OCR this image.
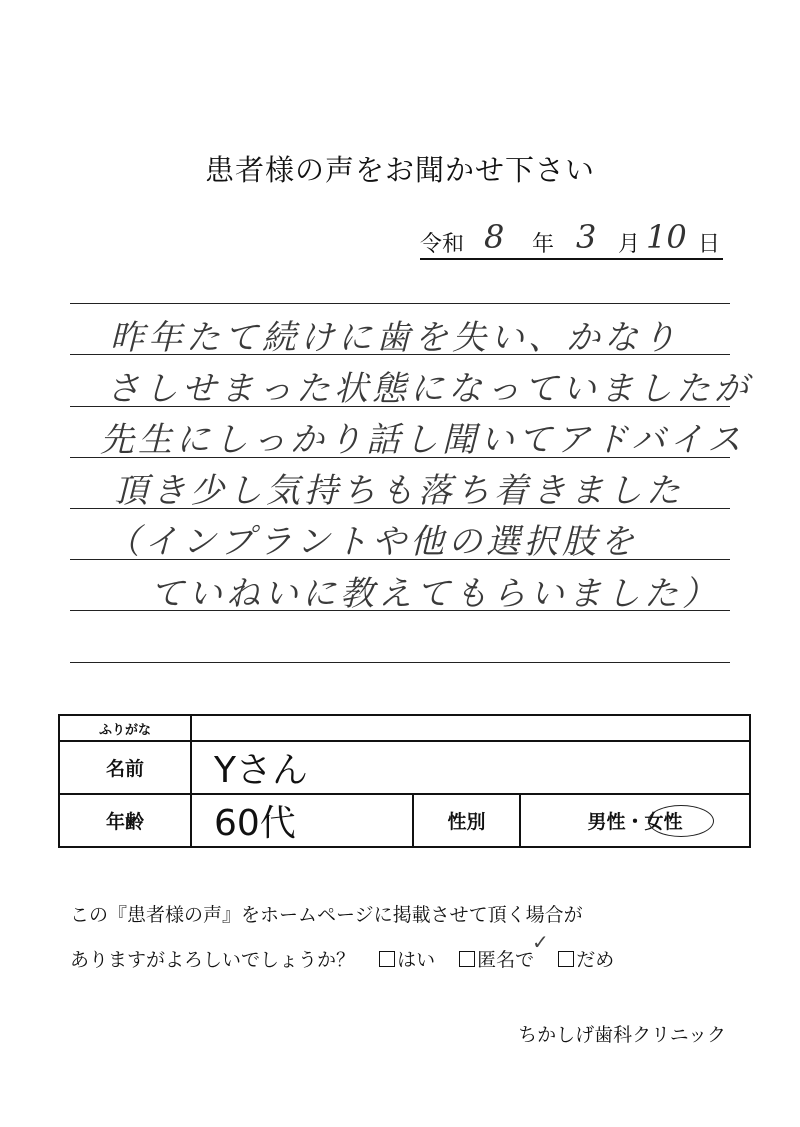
患者様の声をお聞かせ下さい
令和 8 年 3 月 10 日
昨年たて続けに歯を失い、かなり
さしせまった状態になっていましたが
先生にしっかり話し聞いてアドバイス
頂き少し気持ちも落ち着きました
（インプラントや他の選択肢を
ていねいに教えてもらいました）
ふりがな			
名前	Yさん		
年齢	60代	性別	男性・女性
この『患者様の声』をホームページに掲載させて頂く場合が
ありますがよろしいでしょうか？ はい 匿名で だめ
✓
ちかしげ歯科クリニック
